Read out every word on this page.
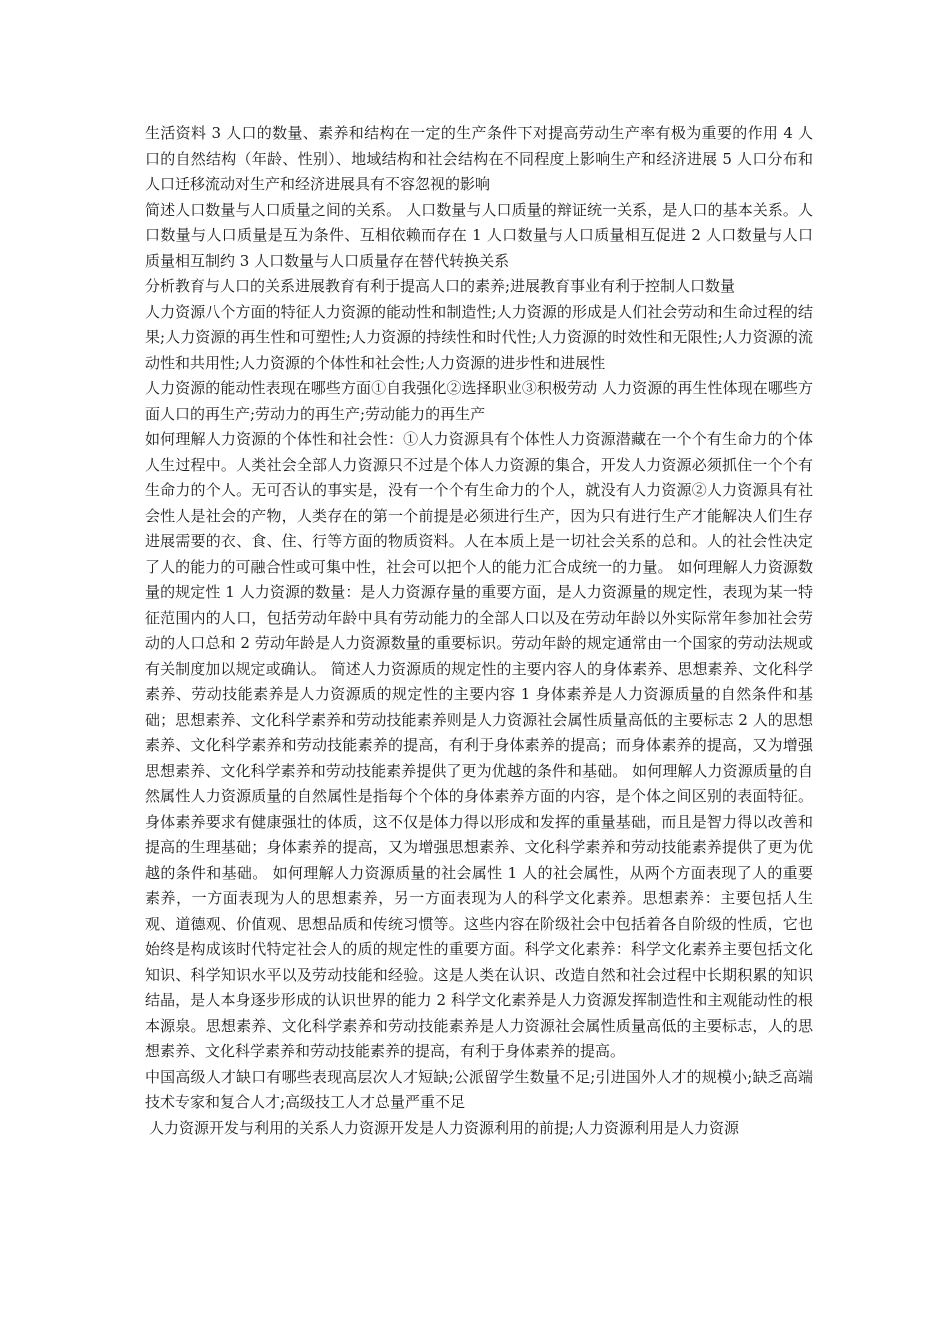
生活资料 3 人口的数量、素养和结构在一定的生产条件下对提高劳动生产率有极为重要的作用 4 人口的自然结构（年龄、性别）、地域结构和社会结构在不同程度上影响生产和经济进展 5 人口分布和人口迁移流动对生产和经济进展具有不容忽视的影响

简述人口数量与人口质量之间的关系。 人口数量与人口质量的辩证统一关系，是人口的基本关系。人口数量与人口质量是互为条件、互相依赖而存在 1 人口数量与人口质量相互促进 2 人口数量与人口质量相互制约 3 人口数量与人口质量存在替代转换关系

分析教育与人口的关系进展教育有利于提高人口的素养;进展教育事业有利于控制人口数量

人力资源八个方面的特征人力资源的能动性和制造性;人力资源的形成是人们社会劳动和生命过程的结果;人力资源的再生性和可塑性;人力资源的持续性和时代性;人力资源的时效性和无限性;人力资源的流动性和共用性;人力资源的个体性和社会性;人力资源的进步性和进展性

人力资源的能动性表现在哪些方面①自我强化②选择职业③积极劳动 人力资源的再生性体现在哪些方面人口的再生产;劳动力的再生产;劳动能力的再生产

如何理解人力资源的个体性和社会性：①人力资源具有个体性人力资源潜藏在一个个有生命力的个体人生过程中。人类社会全部人力资源只不过是个体人力资源的集合，开发人力资源必须抓住一个个有生命力的个人。无可否认的事实是，没有一个个有生命力的个人，就没有人力资源②人力资源具有社会性人是社会的产物，人类存在的第一个前提是必须进行生产，因为只有进行生产才能解决人们生存进展需要的衣、食、住、行等方面的物质资料。人在本质上是一切社会关系的总和。人的社会性决定了人的能力的可融合性或可集中性，社会可以把个人的能力汇合成统一的力量。 如何理解人力资源数量的规定性 1 人力资源的数量：是人力资源存量的重要方面，是人力资源量的规定性，表现为某一特征范围内的人口，包括劳动年龄中具有劳动能力的全部人口以及在劳动年龄以外实际常年参加社会劳动的人口总和 2 劳动年龄是人力资源数量的重要标识。劳动年龄的规定通常由一个国家的劳动法规或有关制度加以规定或确认。 简述人力资源质的规定性的主要内容人的身体素养、思想素养、文化科学素养、劳动技能素养是人力资源质的规定性的主要内容 1 身体素养是人力资源质量的自然条件和基础；思想素养、文化科学素养和劳动技能素养则是人力资源社会属性质量高低的主要标志 2 人的思想素养、文化科学素养和劳动技能素养的提高，有利于身体素养的提高；而身体素养的提高，又为增强思想素养、文化科学素养和劳动技能素养提供了更为优越的条件和基础。 如何理解人力资源质量的自然属性人力资源质量的自然属性是指每个个体的身体素养方面的内容，是个体之间区别的表面特征。身体素养要求有健康强壮的体质，这不仅是体力得以形成和发挥的重量基础，而且是智力得以改善和提高的生理基础；身体素养的提高，又为增强思想素养、文化科学素养和劳动技能素养提供了更为优越的条件和基础。 如何理解人力资源质量的社会属性 1 人的社会属性，从两个方面表现了人的重要素养，一方面表现为人的思想素养，另一方面表现为人的科学文化素养。思想素养：主要包括人生观、道德观、价值观、思想品质和传统习惯等。这些内容在阶级社会中包括着各自阶级的性质，它也始终是构成该时代特定社会人的质的规定性的重要方面。科学文化素养：科学文化素养主要包括文化知识、科学知识水平以及劳动技能和经验。这是人类在认识、改造自然和社会过程中长期积累的知识结晶，是人本身逐步形成的认识世界的能力 2 科学文化素养是人力资源发挥制造性和主观能动性的根本源泉。思想素养、文化科学素养和劳动技能素养是人力资源社会属性质量高低的主要标志，人的思想素养、文化科学素养和劳动技能素养的提高，有利于身体素养的提高。

中国高级人才缺口有哪些表现高层次人才短缺;公派留学生数量不足;引进国外人才的规模小;缺乏高端技术专家和复合人才;高级技工人才总量严重不足

人力资源开发与利用的关系人力资源开发是人力资源利用的前提;人力资源利用是人力资源
